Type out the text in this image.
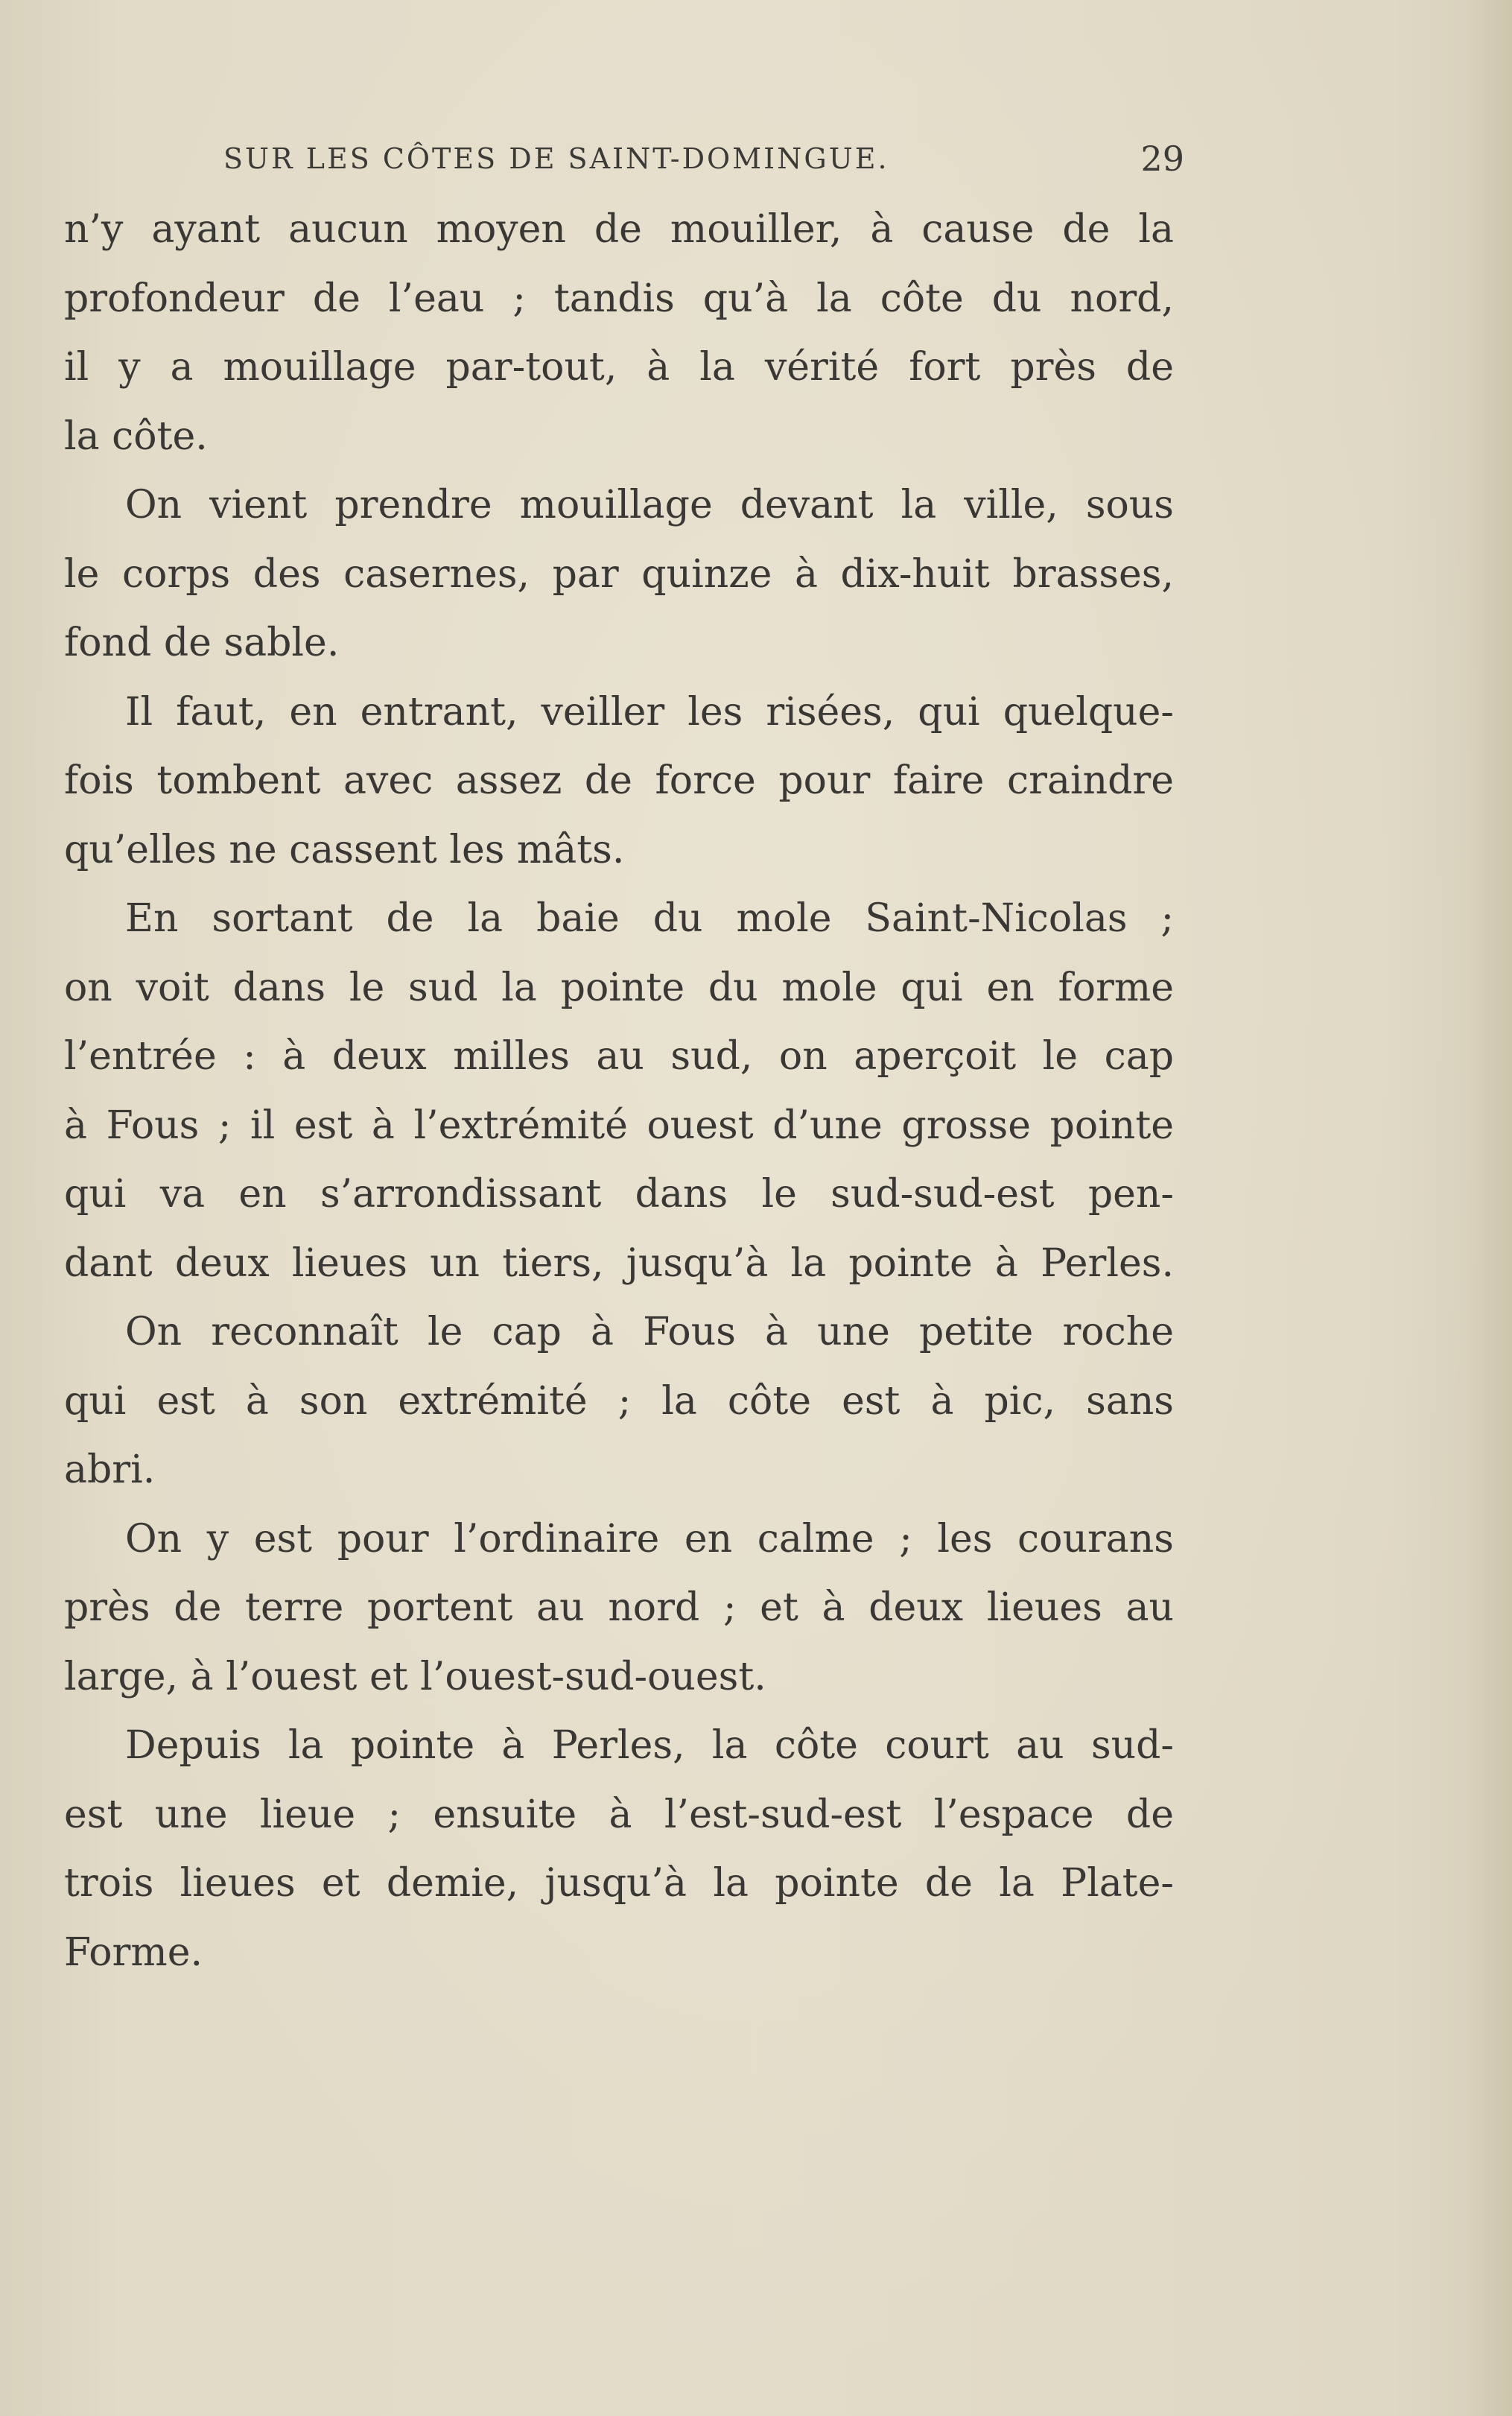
SUR LES CÔTES DE SAINT-DOMINGUE.	29
n’y ayant aucun moyen de mouiller, à cause de la
profondeur de l’eau ; tandis qu’à la côte du nord,
il y a mouillage par-tout, à la vérité fort près de
la côte.
On vient prendre mouillage devant la ville, sous
le corps des casernes, par quinze à dix-huit brasses,
fond de sable.
Il faut, en entrant, veiller les risées, qui quelque-
fois tombent avec assez de force pour faire craindre
qu’elles ne cassent les mâts.
En sortant de la baie du mole Saint-Nicolas ;
on voit dans le sud la pointe du mole qui en forme
l’entrée : à deux milles au sud, on aperçoit le cap
à Fous ; il est à l’extrémité ouest d’une grosse pointe
qui va en s’arrondissant dans le sud-sud-est pen-
dant deux lieues un tiers, jusqu’à la pointe à Perles.
On reconnaît le cap à Fous à une petite roche
qui est à son extrémité ; la côte est à pic, sans
abri.
On y est pour l’ordinaire en calme ; les courans
près de terre portent au nord ; et à deux lieues au
large, à l’ouest et l’ouest-sud-ouest.
Depuis la pointe à Perles, la côte court au sud-
est une lieue ; ensuite à l’est-sud-est l’espace de
trois lieues et demie, jusqu’à la pointe de la Plate-
Forme.
